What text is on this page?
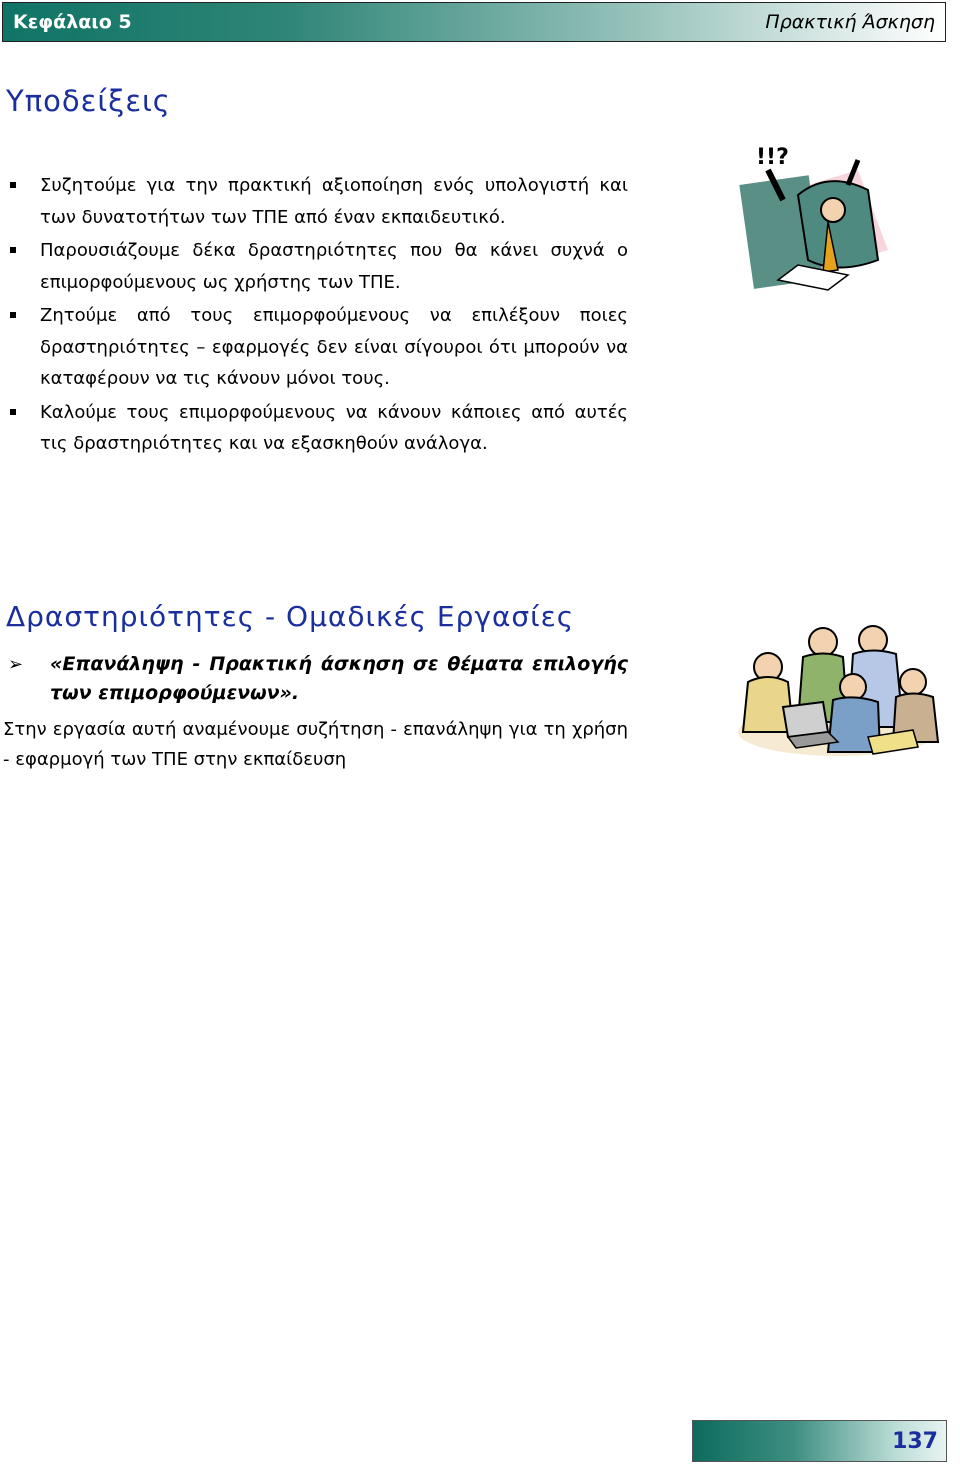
Κεφάλαιο 5	Πρακτική Άσκηση
Υποδείξεις
Συζητούμε για την πρακτική αξιοποίηση ενός υπολογιστή και των δυνατοτήτων των ΤΠΕ από έναν εκπαιδευτικό.
Παρουσιάζουμε δέκα δραστηριότητες που θα κάνει συχνά ο επιμορφούμενους ως χρήστης των ΤΠΕ.
Ζητούμε από τους επιμορφούμενους να επιλέξουν ποιες δραστηριότητες – εφαρμογές δεν είναι σίγουροι ότι μπορούν να καταφέρουν να τις κάνουν μόνοι τους.
Καλούμε τους επιμορφούμενους να κάνουν κάποιες από αυτές τις δραστηριότητες και να εξασκηθούν ανάλογα.
!!?
Δραστηριότητες - Ομαδικές Εργασίες
➢ «Επανάληψη - Πρακτική άσκηση σε θέματα επιλογής των επιμορφούμενων».
Στην εργασία αυτή αναμένουμε συζήτηση - επανάληψη για τη χρήση - εφαρμογή των ΤΠΕ στην εκπαίδευση
137
